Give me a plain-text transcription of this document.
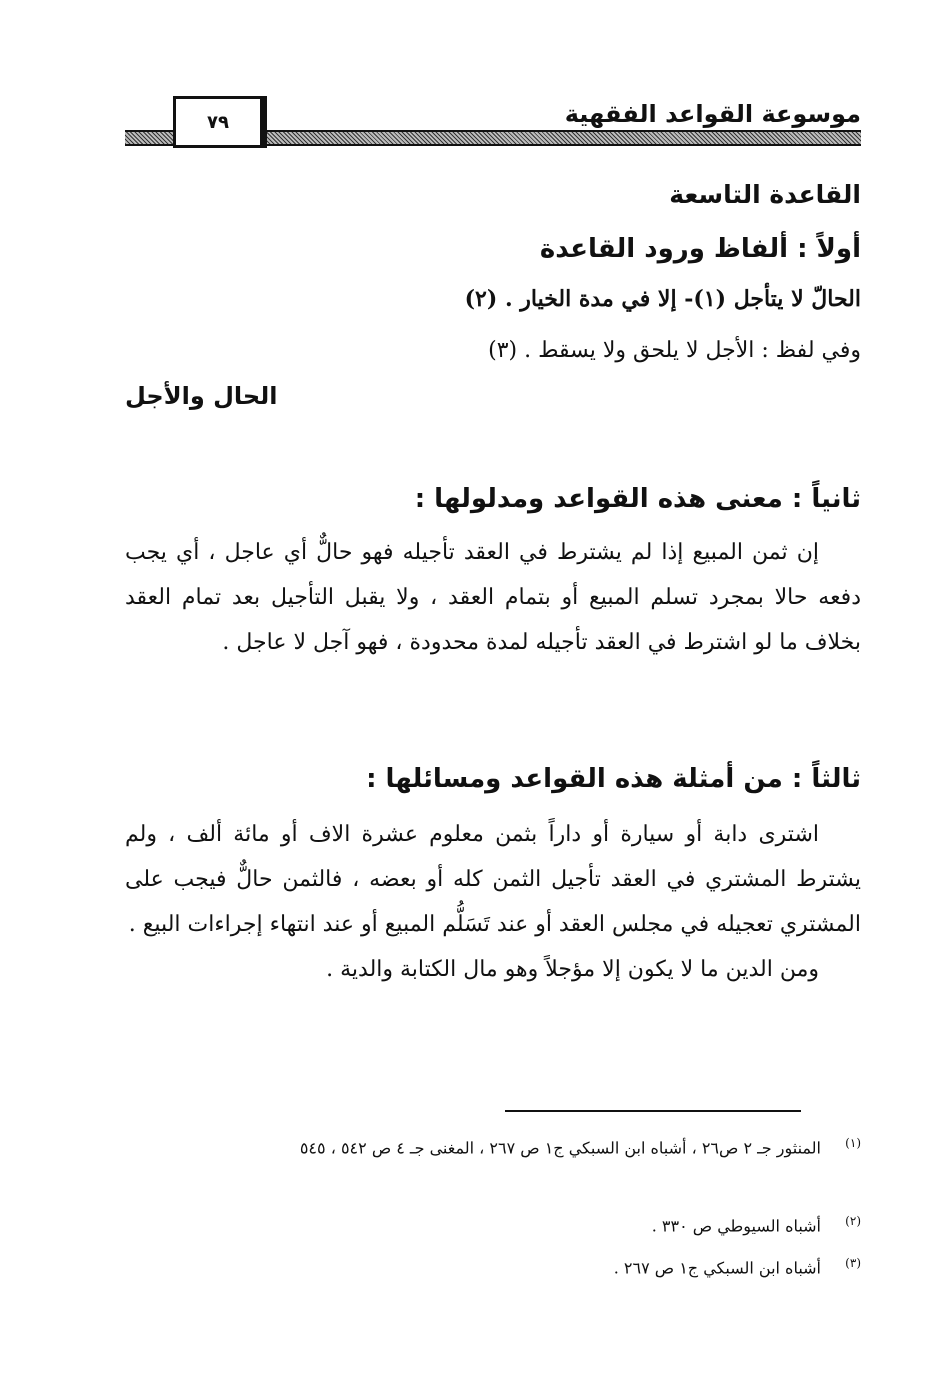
٧٩	موسوعة القواعد الفقهية
القاعدة التاسعة
أولاً : ألفاظ ورود القاعدة
الحالّ لا يتأجل (١)- إلا في مدة الخيار . (٢)
وفي لفظ : الأجل لا يلحق ولا يسقط . (٣)
الحال والأجل
ثانياً : معنى هذه القواعد ومدلولها :

إن ثمن المبيع إذا لم يشترط في العقد تأجيله فهو حالٌّ أي عاجل ، أي يجب دفعه حالا بمجرد تسلم المبيع أو بتمام العقد ، ولا يقبل التأجيل بعد تمام العقد بخلاف ما لو اشترط في العقد تأجيله لمدة محدودة ، فهو آجل لا عاجل .

ثالثاً : من أمثلة هذه القواعد ومسائلها :

اشترى دابة أو سيارة أو داراً بثمن معلوم عشرة الاف أو مائة ألف ، ولم يشترط المشتري في العقد تأجيل الثمن كله أو بعضه ، فالثمن حالٌّ فيجب على المشتري تعجيله في مجلس العقد أو عند تَسَلُّم المبيع أو عند انتهاء إجراءات البيع .

ومن الدين ما لا يكون إلا مؤجلاً وهو مال الكتابة والدية .

(١)المنثور جـ ٢ ص٢٦ ، أشباه ابن السبكي ج١ ص ٢٦٧ ، المغنى جـ ٤ ص ٥٤٢ ، ٥٤٥
(٢)أشباه السيوطي ص ٣٣٠ .
(٣)أشباه ابن السبكي ج١ ص ٢٦٧ .
